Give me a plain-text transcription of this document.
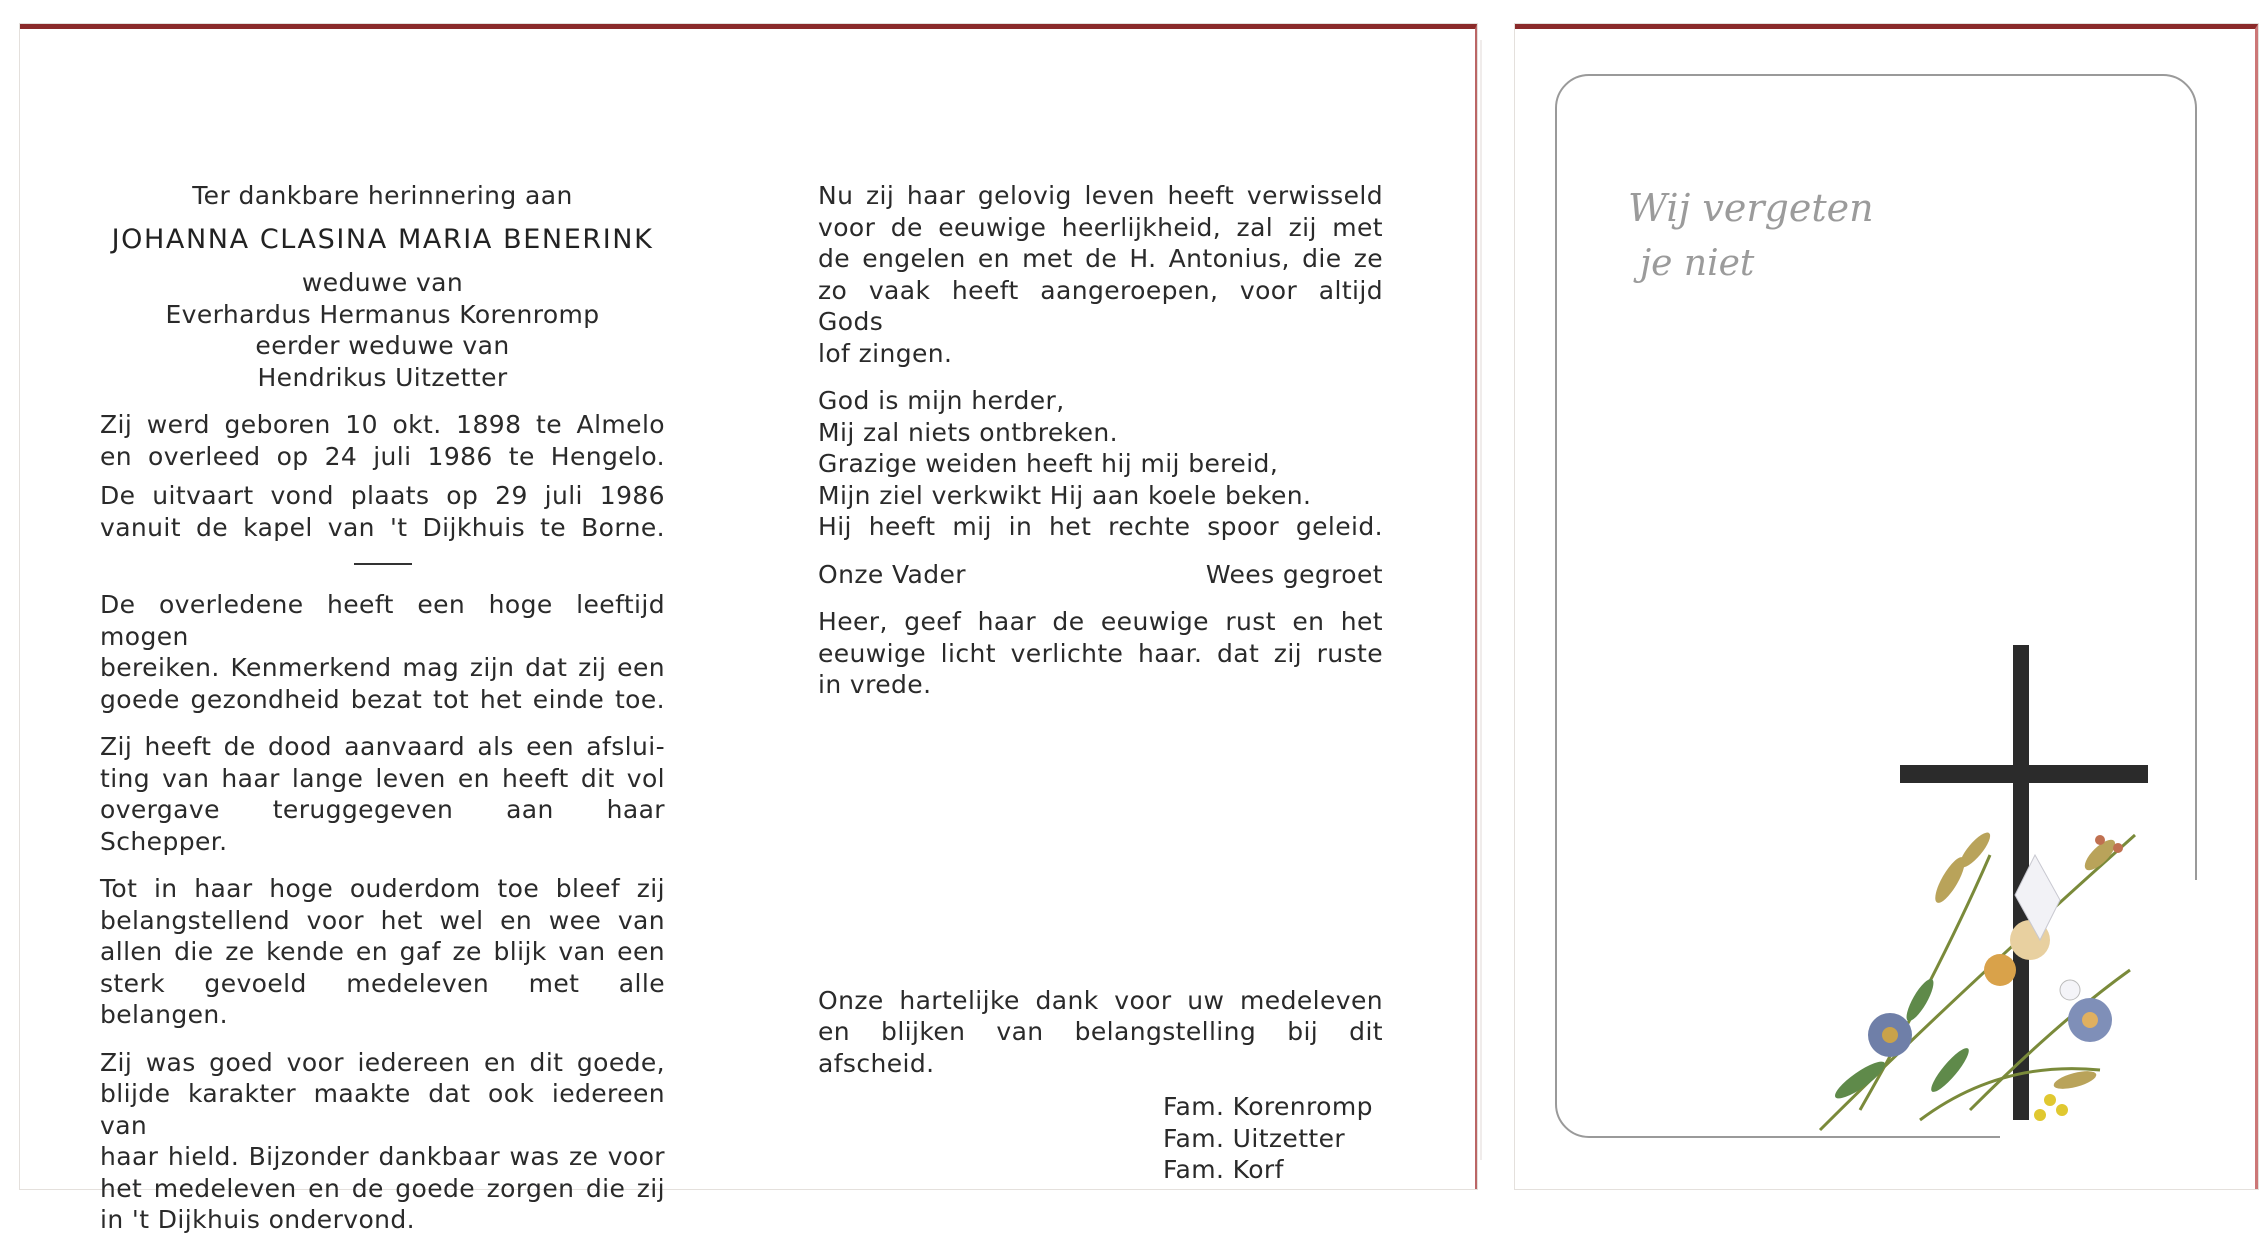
Ter dankbare herinnering aan

JOHANNA CLASINA MARIA BENERINK

weduwe van

Everhardus Hermanus Korenromp

eerder weduwe van

Hendrikus Uitzetter

Zij werd geboren 10 okt. 1898 te Almelo

en overleed op 24 juli 1986 te Hengelo.

De uitvaart vond plaats op 29 juli 1986

vanuit de kapel van 't Dijkhuis te Borne.

De overledene heeft een hoge leeftijd mogen

bereiken. Kenmerkend mag zijn dat zij een

goede gezondheid bezat tot het einde toe.

Zij heeft de dood aanvaard als een afslui-

ting van haar lange leven en heeft dit vol

overgave teruggegeven aan haar Schepper.

Tot in haar hoge ouderdom toe bleef zij

belangstellend voor het wel en wee van

allen die ze kende en gaf ze blijk van een

sterk gevoeld medeleven met alle belangen.

Zij was goed voor iedereen en dit goede,

blijde karakter maakte dat ook iedereen van

haar hield. Bijzonder dankbaar was ze voor

het medeleven en de goede zorgen die zij

in 't Dijkhuis ondervond.

Nu zij haar gelovig leven heeft verwisseld

voor de eeuwige heerlijkheid, zal zij met

de engelen en met de H. Antonius, die ze

zo vaak heeft aangeroepen, voor altijd Gods

lof zingen.

God is mijn herder,

Mij zal niets ontbreken.

Grazige weiden heeft hij mij bereid,

Mijn ziel verkwikt Hij aan koele beken.

Hij heeft mij in het rechte spoor geleid.

Onze Vader	Wees gegroet

Heer, geef haar de eeuwige rust en het

eeuwige licht verlichte haar. dat zij ruste

in vrede.

Onze hartelijke dank voor uw medeleven

en blijken van belangstelling bij dit afscheid.

Fam. Korenromp

Fam. Uitzetter

Fam. Korf

Wij vergeten
je niet
